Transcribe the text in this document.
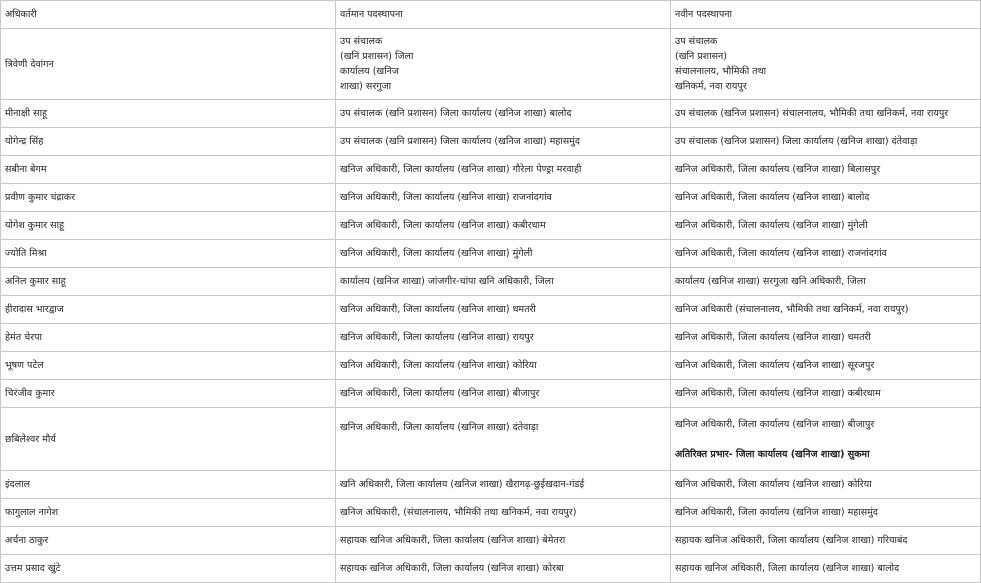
अधिकारी	वर्तमान पदस्थापना	नवीन पदस्थापना
त्रिवेणी देवांगन	उप संचालक
(खनि प्रशासन) जिला
कार्यालय (खनिज
शाखा) सरगुजा	उप संचालक
(खनि प्रशासन)
संचालनालय, भौमिकी तथा
खनिकर्म, नवा रायपुर

मीनाक्षी साहू	उप संचालक (खनि प्रशासन) जिला कार्यालय (खनिज शाखा) बालोद	उप संचालक (खनिज प्रशासन) संचालनालय, भौमिकी तथा खनिकर्म, नवा रायपुर
योगेन्द्र सिंह	उप संचालक (खनि प्रशासन) जिला कार्यालय (खनिज शाखा) महासमुंद	उप संचालक (खनिज प्रशासन) जिला कार्यालय (खनिज शाखा) दंतेवाड़ा
सबीना बेगम	खनिज अधिकारी, जिला कार्यालय (खनिज शाखा) गौरेला पेण्ड्रा मरवाही	खनिज अधिकारी, जिला कार्यालय (खनिज शाखा) बिलासपुर
प्रवीण कुमार चंद्राकर	खनिज अधिकारी, जिला कार्यालय (खनिज शाखा) राजनांदगांव	खनिज अधिकारी, जिला कार्यालय (खनिज शाखा) बालोद
योगेश कुमार साहू	खनिज अधिकारी, जिला कार्यालय (खनिज शाखा) कबीरधाम	खनिज अधिकारी, जिला कार्यालय (खनिज शाखा) मुंगेली
ज्योति मिश्रा	खनिज अधिकारी, जिला कार्यालय (खनिज शाखा) मुंगेली	खनिज अधिकारी, जिला कार्यालय (खनिज शाखा) राजनांदगांव
अनिल कुमार साहू	कार्यालय (खनिज शाखा) जांजगीर-चांपा खनि अधिकारी, जिला	कार्यालय (खनिज शाखा) सरगुजा खनि अधिकारी, जिला
हीरादास भारद्वाज	खनिज अधिकारी, जिला कार्यालय (खनिज शाखा) धमतरी	खनिज अधिकारी (संचालनालय, भौमिकी तथा खनिकर्म, नवा रायपुर)
हेमंत चेरपा	खनिज अधिकारी, जिला कार्यालय (खनिज शाखा) रायपुर	खनिज अधिकारी, जिला कार्यालय (खनिज शाखा) धमतरी
भूषण पटेल	खनिज अधिकारी, जिला कार्यालय (खनिज शाखा) कोरिया	खनिज अधिकारी, जिला कार्यालय (खनिज शाखा) सूरजपुर
चिरंजीव कुमार	खनिज अधिकारी, जिला कार्यालय (खनिज शाखा) बीजापुर	खनिज अधिकारी, जिला कार्यालय (खनिज शाखा) कबीरधाम
छबिलेश्वर मौर्य	खनिज अधिकारी, जिला कार्यालय (खनिज शाखा) दंतेवाड़ा	खनिज अधिकारी, जिला कार्यालय (खनिज शाखा) बीजापुर
अतिरिक्त प्रभार- जिला कार्यालय (खनिज शाखा) सुकमा

इंदलाल	खनि अधिकारी, जिला कार्यालय (खनिज शाखा) खैरागढ़-छुईखदान-गंडई	खनिज अधिकारी, जिला कार्यालय (खनिज शाखा) कोरिया
फागुलाल नागेश	खनिज अधिकारी, (संचालनालय, भौमिकी तथा खनिकर्म, नवा रायपुर)	खनिज अधिकारी, जिला कार्यालय (खनिज शाखा) महासमुंद
अर्चना ठाकुर	सहायक खनिज अधिकारी, जिला कार्यालय (खनिज शाखा) बेमेतरा	सहायक खनिज अधिकारी, जिला कार्यालय (खनिज शाखा) गरियाबंद
उत्तम प्रसाद खुंटे	सहायक खनिज अधिकारी, जिला कार्यालय (खनिज शाखा) कोरबा	सहायक खनिज अधिकारी, जिला कार्यालय (खनिज शाखा) बालोद
